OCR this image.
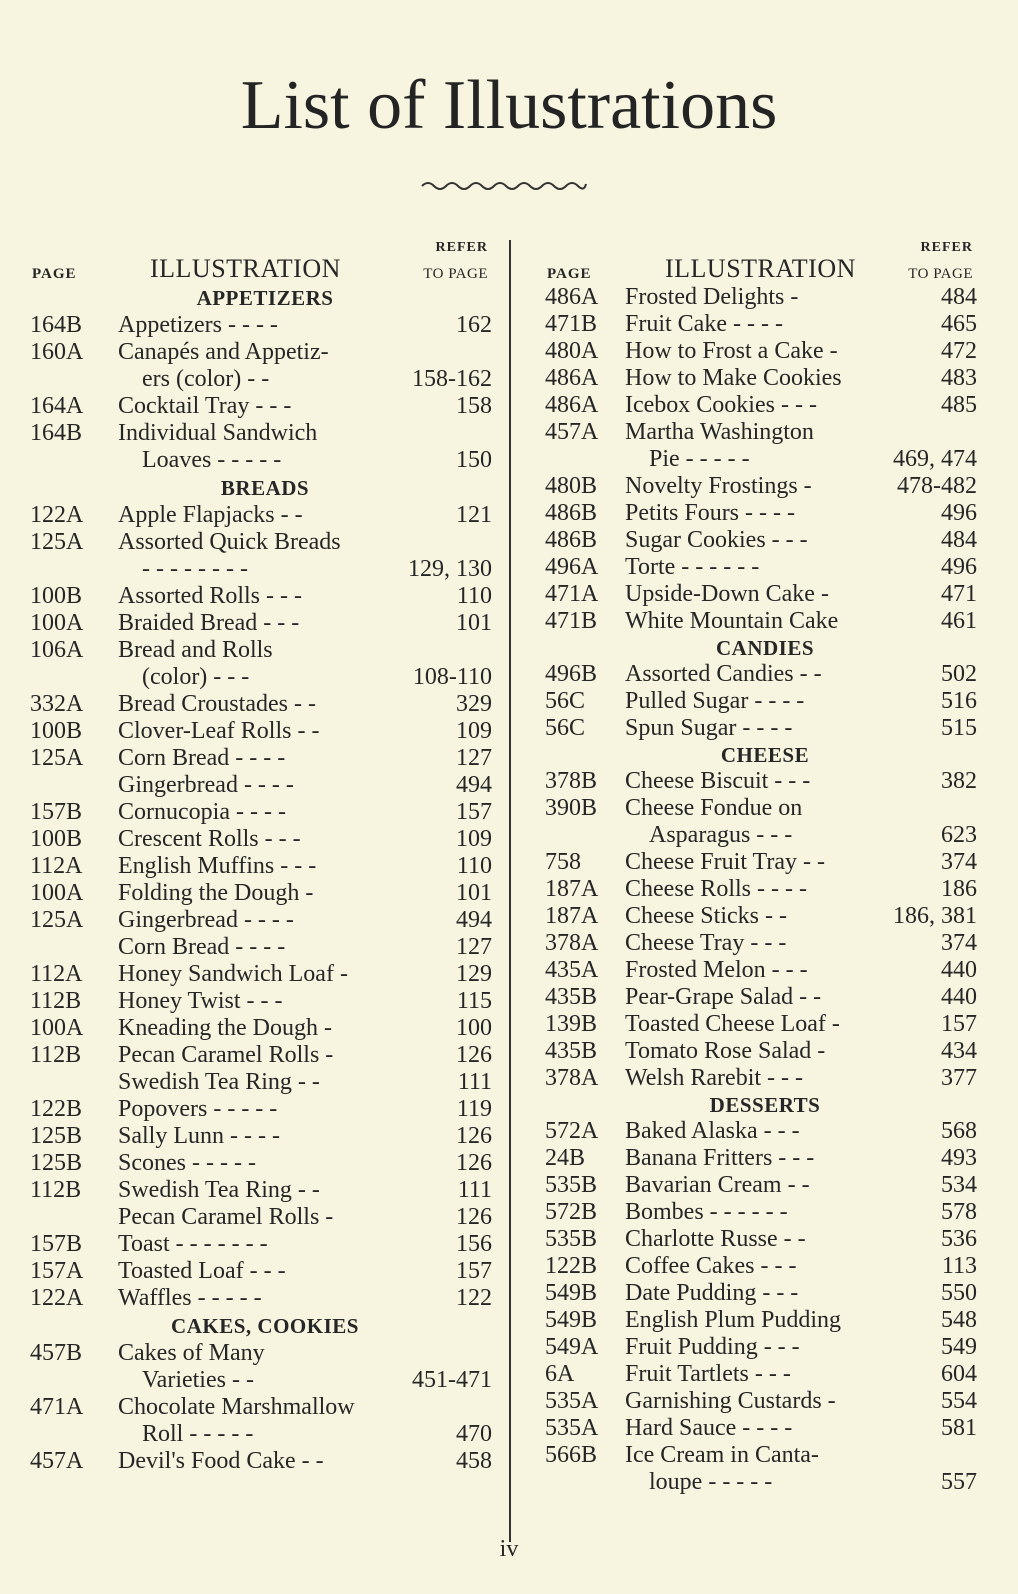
List of Illustrations
PAGE	ILLUSTRATION
REFER
TO PAGE
APPETIZERS
164B	Appetizers - - - -	162
160A	Canapés and Appetiz-
ers (color) - -	158-162
164A	Cocktail Tray - - -	158
164B	Individual Sandwich
Loaves - - - - -	150
BREADS
122A	Apple Flapjacks - -	121
125A	Assorted Quick Breads
- - - - - - - -	129, 130
100B	Assorted Rolls - - -	110
100A	Braided Bread - - -	101
106A	Bread and Rolls
(color) - - -	108-110
332A	Bread Croustades - -	329
100B	Clover-Leaf Rolls - -	109
125A	Corn Bread - - - -	127
Gingerbread - - - -	494
157B	Cornucopia - - - -	157
100B	Crescent Rolls - - -	109
112A	English Muffins - - -	110
100A	Folding the Dough -	101
125A	Gingerbread - - - -	494
Corn Bread - - - -	127
112A	Honey Sandwich Loaf -	129
112B	Honey Twist - - -	115
100A	Kneading the Dough -	100
112B	Pecan Caramel Rolls -	126
Swedish Tea Ring - -	111
122B	Popovers - - - - -	119
125B	Sally Lunn - - - -	126
125B	Scones - - - - -	126
112B	Swedish Tea Ring - -	111
Pecan Caramel Rolls -	126
157B	Toast - - - - - - -	156
157A	Toasted Loaf - - -	157
122A	Waffles - - - - -	122
CAKES, COOKIES
457B	Cakes of Many
Varieties - -	451-471
471A	Chocolate Marshmallow
Roll - - - - -	470
457A	Devil's Food Cake - -	458
PAGE	ILLUSTRATION
REFER
TO PAGE
486A	Frosted Delights -	484
471B	Fruit Cake - - - -	465
480A	How to Frost a Cake -	472
486A	How to Make Cookies	483
486A	Icebox Cookies - - -	485
457A	Martha Washington
Pie - - - - -	469, 474
480B	Novelty Frostings -	478-482
486B	Petits Fours - - - -	496
486B	Sugar Cookies - - -	484
496A	Torte - - - - - -	496
471A	Upside-Down Cake -	471
471B	White Mountain Cake	461
CANDIES
496B	Assorted Candies - -	502
56C	Pulled Sugar - - - -	516
56C	Spun Sugar - - - -	515
CHEESE
378B	Cheese Biscuit - - -	382
390B	Cheese Fondue on
Asparagus - - -	623
758	Cheese Fruit Tray - -	374
187A	Cheese Rolls - - - -	186
187A	Cheese Sticks - -	186, 381
378A	Cheese Tray - - -	374
435A	Frosted Melon - - -	440
435B	Pear-Grape Salad - -	440
139B	Toasted Cheese Loaf -	157
435B	Tomato Rose Salad -	434
378A	Welsh Rarebit - - -	377
DESSERTS
572A	Baked Alaska - - -	568
24B	Banana Fritters - - -	493
535B	Bavarian Cream - -	534
572B	Bombes - - - - - -	578
535B	Charlotte Russe - -	536
122B	Coffee Cakes - - -	113
549B	Date Pudding - - -	550
549B	English Plum Pudding	548
549A	Fruit Pudding - - -	549
6A	Fruit Tartlets - - -	604
535A	Garnishing Custards -	554
535A	Hard Sauce - - - -	581
566B	Ice Cream in Canta-
loupe - - - - -	557
iv
